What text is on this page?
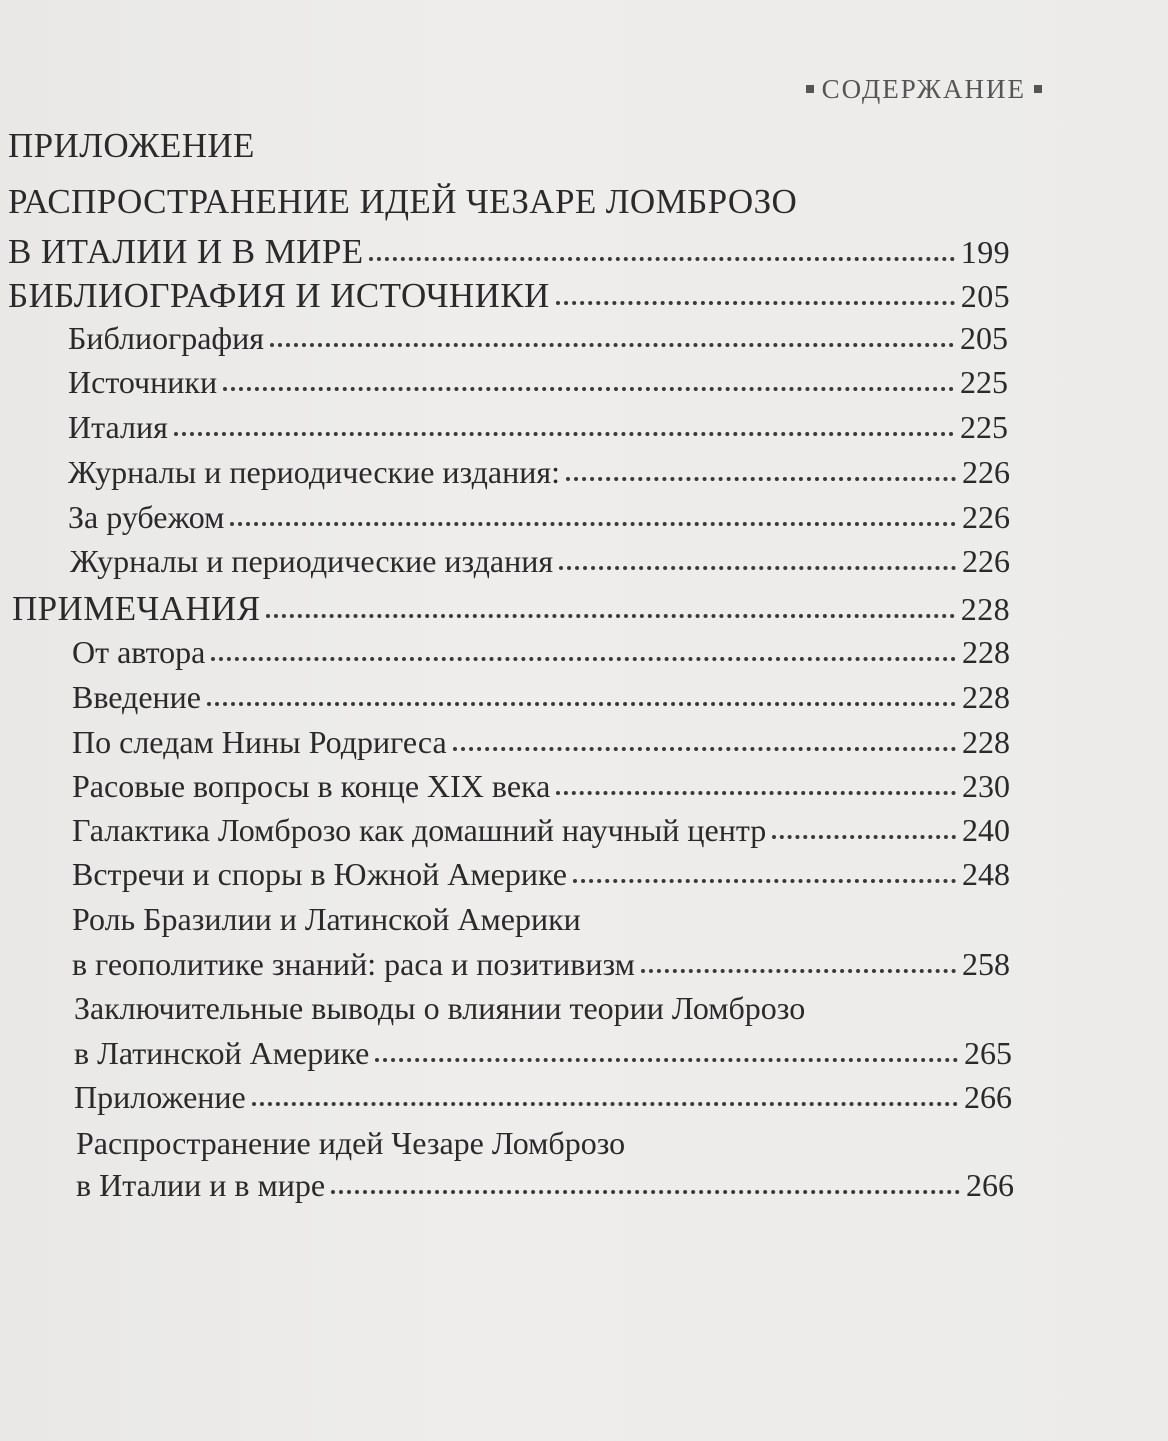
СОДЕРЖАНИЕ
ПРИЛОЖЕНИЕ
РАСПРОСТРАНЕНИЕ ИДЕЙ ЧЕЗАРЕ ЛОМБРОЗО
В ИТАЛИИ И В МИРЕ	199
БИБЛИОГРАФИЯ И ИСТОЧНИКИ	205
Библиография	205
Источники	225
Италия	225
Журналы и периодические издания:	226
За рубежом	226
Журналы и периодические издания	226
ПРИМЕЧАНИЯ	228
От автора	228
Введение	228
По следам Нины Родригеса	228
Расовые вопросы в конце XIX века	230
Галактика Ломброзо как домашний научный центр	240
Встречи и споры в Южной Америке	248
Роль Бразилии и Латинской Америки
в геополитике знаний: раса и позитивизм	258
Заключительные выводы о влиянии теории Ломброзо
в Латинской Америке	265
Приложение	266
Распространение идей Чезаре Ломброзо
в Италии и в мире	266
